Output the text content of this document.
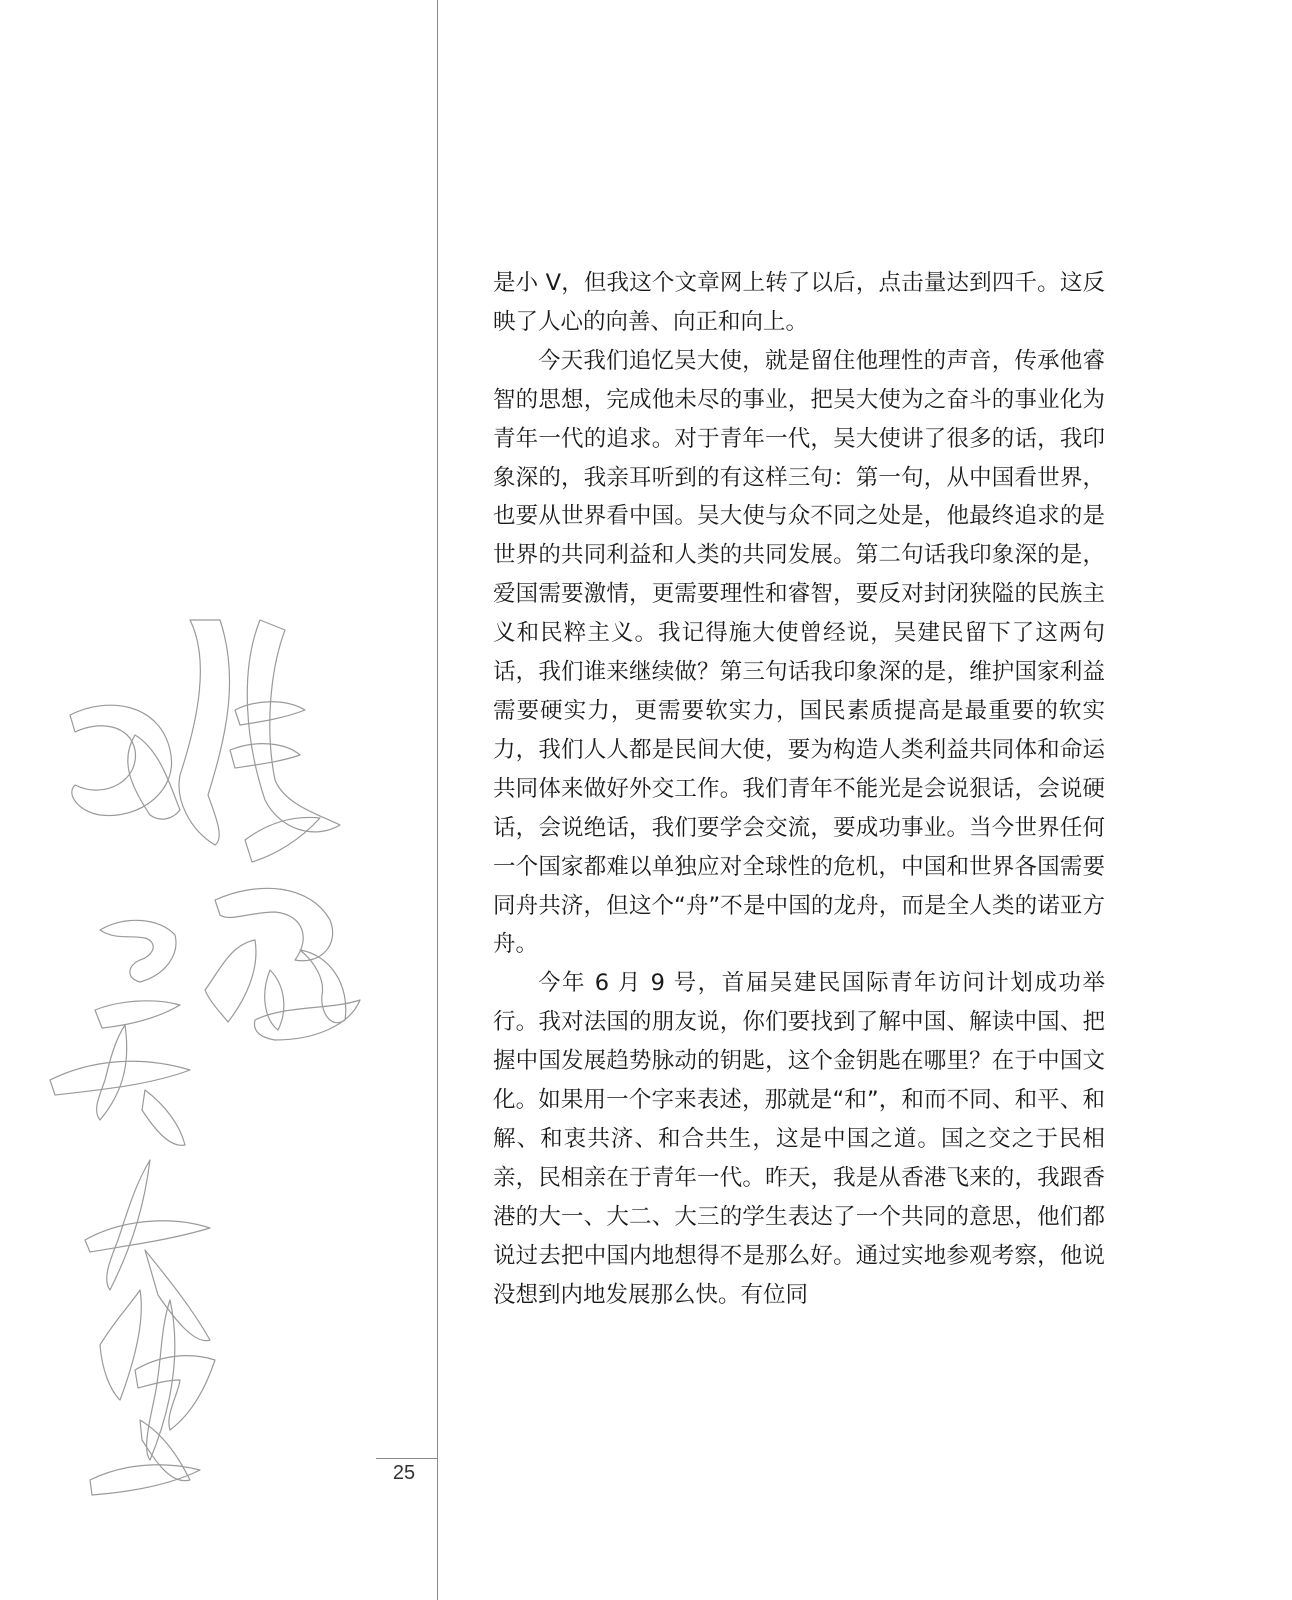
是小 V，但我这个文章网上转了以后，点击量达到四千。这反映了人心的向善、向正和向上。

今天我们追忆吴大使，就是留住他理性的声音，传承他睿智的思想，完成他未尽的事业，把吴大使为之奋斗的事业化为青年一代的追求。对于青年一代，吴大使讲了很多的话，我印象深的，我亲耳听到的有这样三句：第一句，从中国看世界，也要从世界看中国。吴大使与众不同之处是，他最终追求的是世界的共同利益和人类的共同发展。第二句话我印象深的是，爱国需要激情，更需要理性和睿智，要反对封闭狭隘的民族主义和民粹主义。我记得施大使曾经说，吴建民留下了这两句话，我们谁来继续做？第三句话我印象深的是，维护国家利益需要硬实力，更需要软实力，国民素质提高是最重要的软实力，我们人人都是民间大使，要为构造人类利益共同体和命运共同体来做好外交工作。我们青年不能光是会说狠话，会说硬话，会说绝话，我们要学会交流，要成功事业。当今世界任何一个国家都难以单独应对全球性的危机，中国和世界各国需要同舟共济，但这个“舟”不是中国的龙舟，而是全人类的诺亚方舟。

今年 6 月 9 号，首届吴建民国际青年访问计划成功举行。我对法国的朋友说，你们要找到了解中国、解读中国、把握中国发展趋势脉动的钥匙，这个金钥匙在哪里？在于中国文化。如果用一个字来表述，那就是“和”，和而不同、和平、和解、和衷共济、和合共生，这是中国之道。国之交之于民相亲，民相亲在于青年一代。昨天，我是从香港飞来的，我跟香港的大一、大二、大三的学生表达了一个共同的意思，他们都说过去把中国内地想得不是那么好。通过实地参观考察，他说没想到内地发展那么快。有位同

25
